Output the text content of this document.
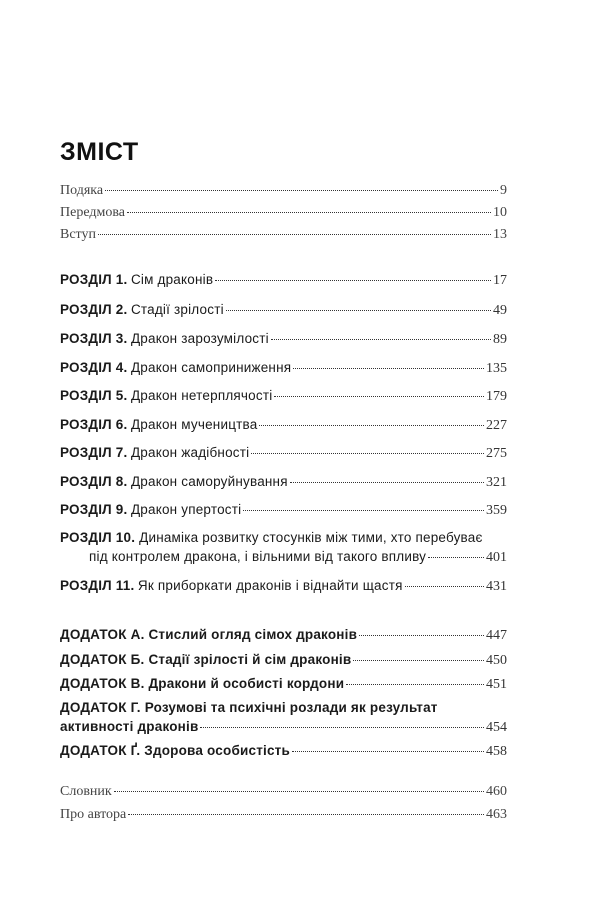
ЗМІСТ
Подяка	9
Передмова	10
Вступ	13
РОЗДІЛ 1. Сім драконів	17
РОЗДІЛ 2. Стадії зрілості	49
РОЗДІЛ 3. Дракон зарозумілості	89
РОЗДІЛ 4. Дракон самоприниження	135
РОЗДІЛ 5. Дракон нетерплячості	179
РОЗДІЛ 6. Дракон мучеництва	227
РОЗДІЛ 7. Дракон жадібності	275
РОЗДІЛ 8. Дракон саморуйнування	321
РОЗДІЛ 9. Дракон упертості	359
РОЗДІЛ 10. Динаміка розвитку стосунків між тими, хто перебуває
під контролем дракона, і вільними від такого впливу	401
РОЗДІЛ 11. Як приборкати драконів і віднайти щастя	431
ДОДАТОК А. Стислий огляд сімох драконів	447
ДОДАТОК Б. Стадії зрілості й сім драконів	450
ДОДАТОК В. Дракони й особисті кордони	451
ДОДАТОК Г. Розумові та психічні розлади як результат
активності драконів	454
ДОДАТОК Ґ. Здорова особистість	458
Словник	460
Про автора	463
